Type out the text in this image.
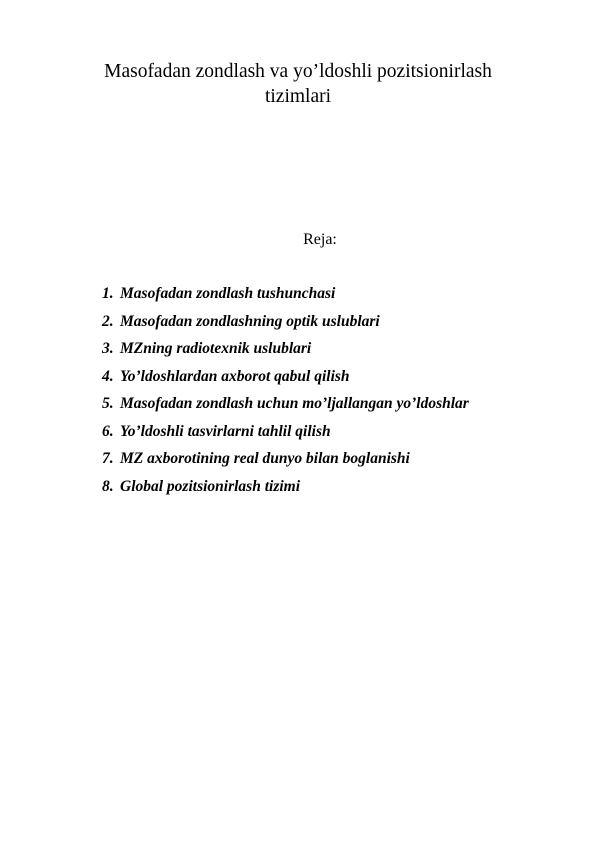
Masofadan zondlash va yo’ldoshli pozitsionirlash tizimlari
Reja:
1. Masofadan zondlash tushunchasi
2. Masofadan zondlashning optik uslublari
3. MZning radiotexnik uslublari
4. Yo’ldoshlardan axborot qabul qilish
5. Masofadan zondlash uchun mo’ljallangan yo’ldoshlar
6. Yo’ldoshli tasvirlarni tahlil qilish
7. MZ axborotining real dunyo bilan boglanishi
8. Global pozitsionirlash tizimi
